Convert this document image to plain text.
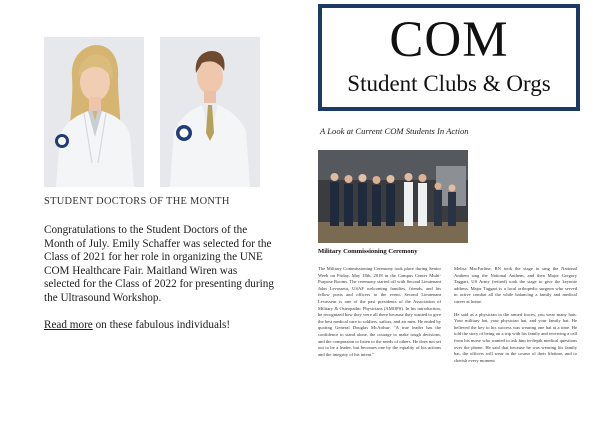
STUDENT DOCTORS OF THE MONTH
Congratulations to the Student Doctors of the Month of July. Emily Schaffer was selected for the Class of 2021 for her role in organizing the UNE COM Healthcare Fair. Maitland Wiren was selected for the Class of 2022 for presenting during the Ultrasound Workshop.
Read more on these fabulous individuals!
COM
Student Clubs & Orgs
A Look at Current COM Students In Action
Military Commissioning Ceremony

The Military Commissioning Ceremony took place during Senior Week on Friday, May 18th, 2018 in the Campus Center Multi-Purpose Rooms. The ceremony started off with Second Lieutenant John Levasseur, USAF welcoming families, friends, and his fellow posts and officers to the event. Second Lieutenant Levasseur is one of the past presidents of the Association of Military & Osteopathic Physicians (AMOPS). In his introduction, he recognized how they were all there because they wanted to give the best medical care to soldiers, sailors, and air men. He ended by quoting General Douglas McArthur: "A true leader has the confidence to stand alone, the courage to make tough decisions, and the compassion to listen to the needs of others. He does not set out to be a leader, but becomes one by the equality of his actions and the integrity of his intent."

Melisa MacFarline, RN took the stage to sing the National Anthem sing the National Anthem, and then Major Gregory Taggart, US Army (retired) took the stage to give the keynote address. Major Taggart is a local orthopedic surgeon who served in active combat all the while balancing a family and medical career at home.

He said as a physician in the armed forces, you wear many hats. Your military hat, your physician hat, and your family hat. He believed the key to his success was wearing one hat at a time. He told the story of being on a trip with his family and receiving a call from his nurse who wanted to ask him in-depth medical questions over the phone. He said that because he was wearing his family hat, the officers will wear in the course of their lifetime, and to cherish every moment
